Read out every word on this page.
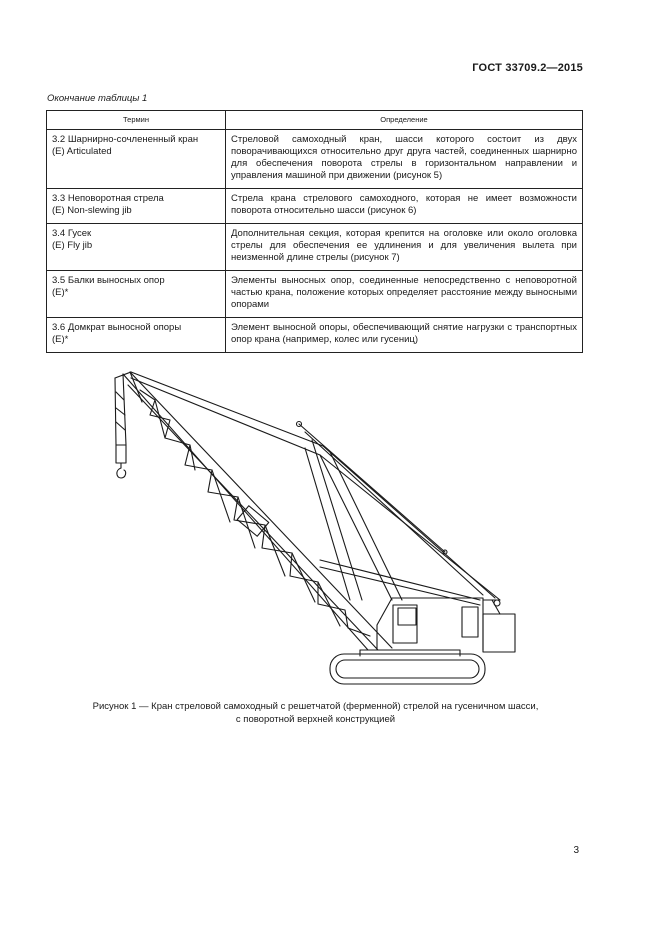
ГОСТ 33709.2—2015
Окончание таблицы 1
Термин	Определение

3.2 Шарнирно-сочлененный кран
(E) Articulated	Стреловой самоходный кран, шасси которого состоит из двух поворачивающихся относительно друг друга частей, соединенных шарнирно для обеспечения поворота стрелы в горизонтальном направлении и управления машиной при движении (рисунок 5)

3.3 Неповоротная стрела
(E) Non-slewing jib	Стрела крана стрелового самоходного, которая не имеет возможности поворота относительно шасси (рисунок 6)

3.4 Гусек
(E) Fly jib	Дополнительная секция, которая крепится на оголовке или около оголовка стрелы для обеспечения ее удлинения и для увеличения вылета при неизменной длине стрелы (рисунок 7)

3.5 Балки выносных опор
(E)*	Элементы выносных опор, соединенные непосредственно с неповоротной частью крана, положение которых определяет расстояние между выносными опорами

3.6 Домкрат выносной опоры
(E)*	Элемент выносной опоры, обеспечивающий снятие нагрузки с транспортных опор крана (например, колес или гусениц)
Рисунок 1 — Кран стреловой самоходный с решетчатой (ферменной) стрелой на гусеничном шасси,
с поворотной верхней конструкцией
3
